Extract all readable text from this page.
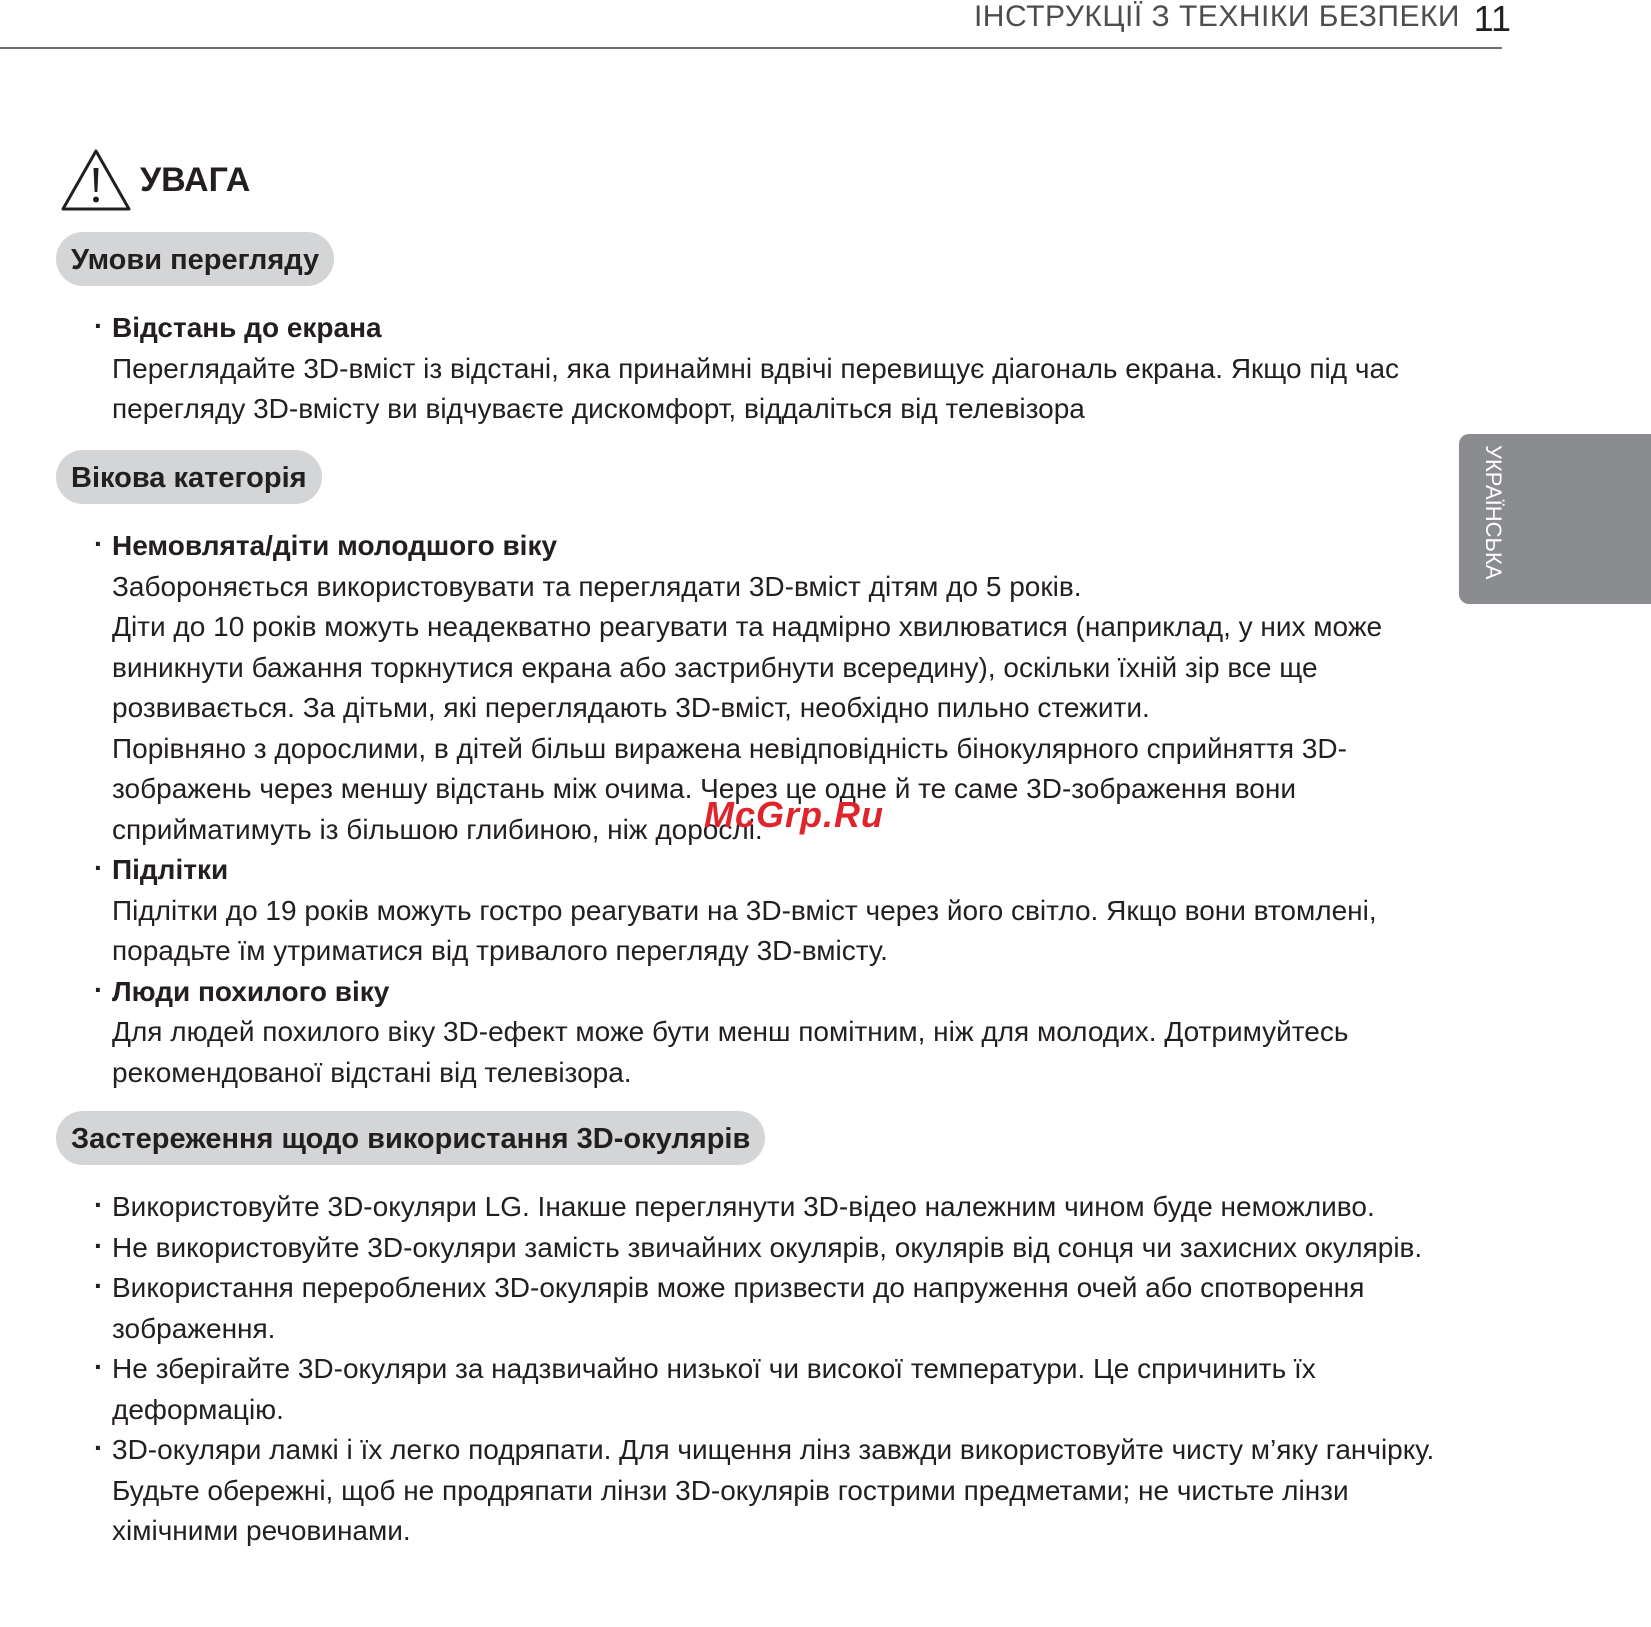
ІНСТРУКЦІЇ З ТЕХНІКИ БЕЗПЕКИ 11
УКРАЇНСЬКА
УВАГА
Умови перегляду
· Відстань до екрана

Переглядайте 3D-вміст із відстані, яка принаймні вдвічі перевищує діагональ екрана. Якщо під час перегляду 3D-вмісту ви відчуваєте дискомфорт, віддаліться від телевізора

Вікова категорія
· Немовлята/діти молодшого віку

Забороняється використовувати та переглядати 3D-вміст дітям до 5 років.

Діти до 10 років можуть неадекватно реагувати та надмірно хвилюватися (наприклад, у них може виникнути бажання торкнутися екрана або застрибнути всередину), оскільки їхній зір все ще розвивається. За дітьми, які переглядають 3D-вміст, необхідно пильно стежити.

Порівняно з дорослими, в дітей більш виражена невідповідність бінокулярного сприйняття 3D-зображень через меншу відстань між очима. Через це одне й те саме 3D-зображення вони сприйматимуть із більшою глибиною, ніж дорослі.

· Підлітки

Підлітки до 19 років можуть гостро реагувати на 3D-вміст через його світло. Якщо вони втомлені, порадьте їм утриматися від тривалого перегляду 3D-вмісту.

· Люди похилого віку

Для людей похилого віку 3D-ефект може бути менш помітним, ніж для молодих. Дотримуйтесь рекомендованої відстані від телевізора.

Застереження щодо використання 3D-окулярів

· Використовуйте 3D-окуляри LG. Інакше переглянути 3D-відео належним чином буде неможливо.

· Не використовуйте 3D-окуляри замість звичайних окулярів, окулярів від сонця чи захисних окулярів.

· Використання перероблених 3D-окулярів може призвести до напруження очей або спотворення зображення.

· Не зберігайте 3D-окуляри за надзвичайно низької чи високої температури. Це спричинить їх деформацію.

· 3D-окуляри ламкі і їх легко подряпати. Для чищення лінз завжди використовуйте чисту м’яку ганчірку. Будьте обережні, щоб не продряпати лінзи 3D-окулярів гострими предметами; не чистьте лінзи хімічними речовинами.

McGrp.Ru
